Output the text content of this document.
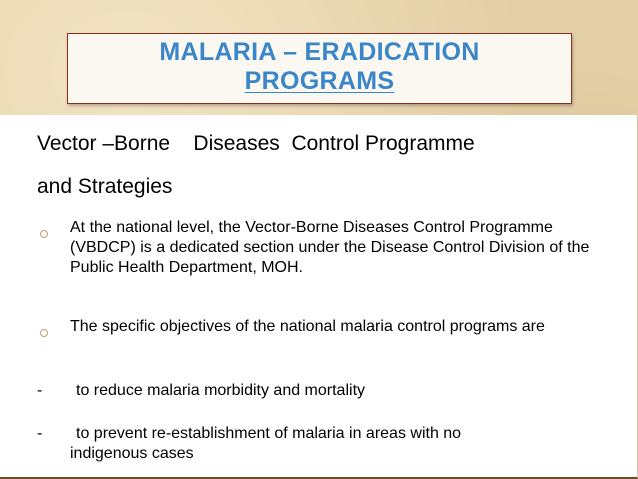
MALARIA – ERADICATION
PROGRAMS
Vector –Borne    Diseases  Control Programme
and Strategies
At the national level, the Vector-Borne Diseases Control Programme (VBDCP) is a dedicated section under the Disease Control Division of the Public Health Department, MOH.
The specific objectives of the national malaria control programs are
- to reduce malaria morbidity and mortality
- to prevent re-establishment of malaria in areas with no
indigenous cases
